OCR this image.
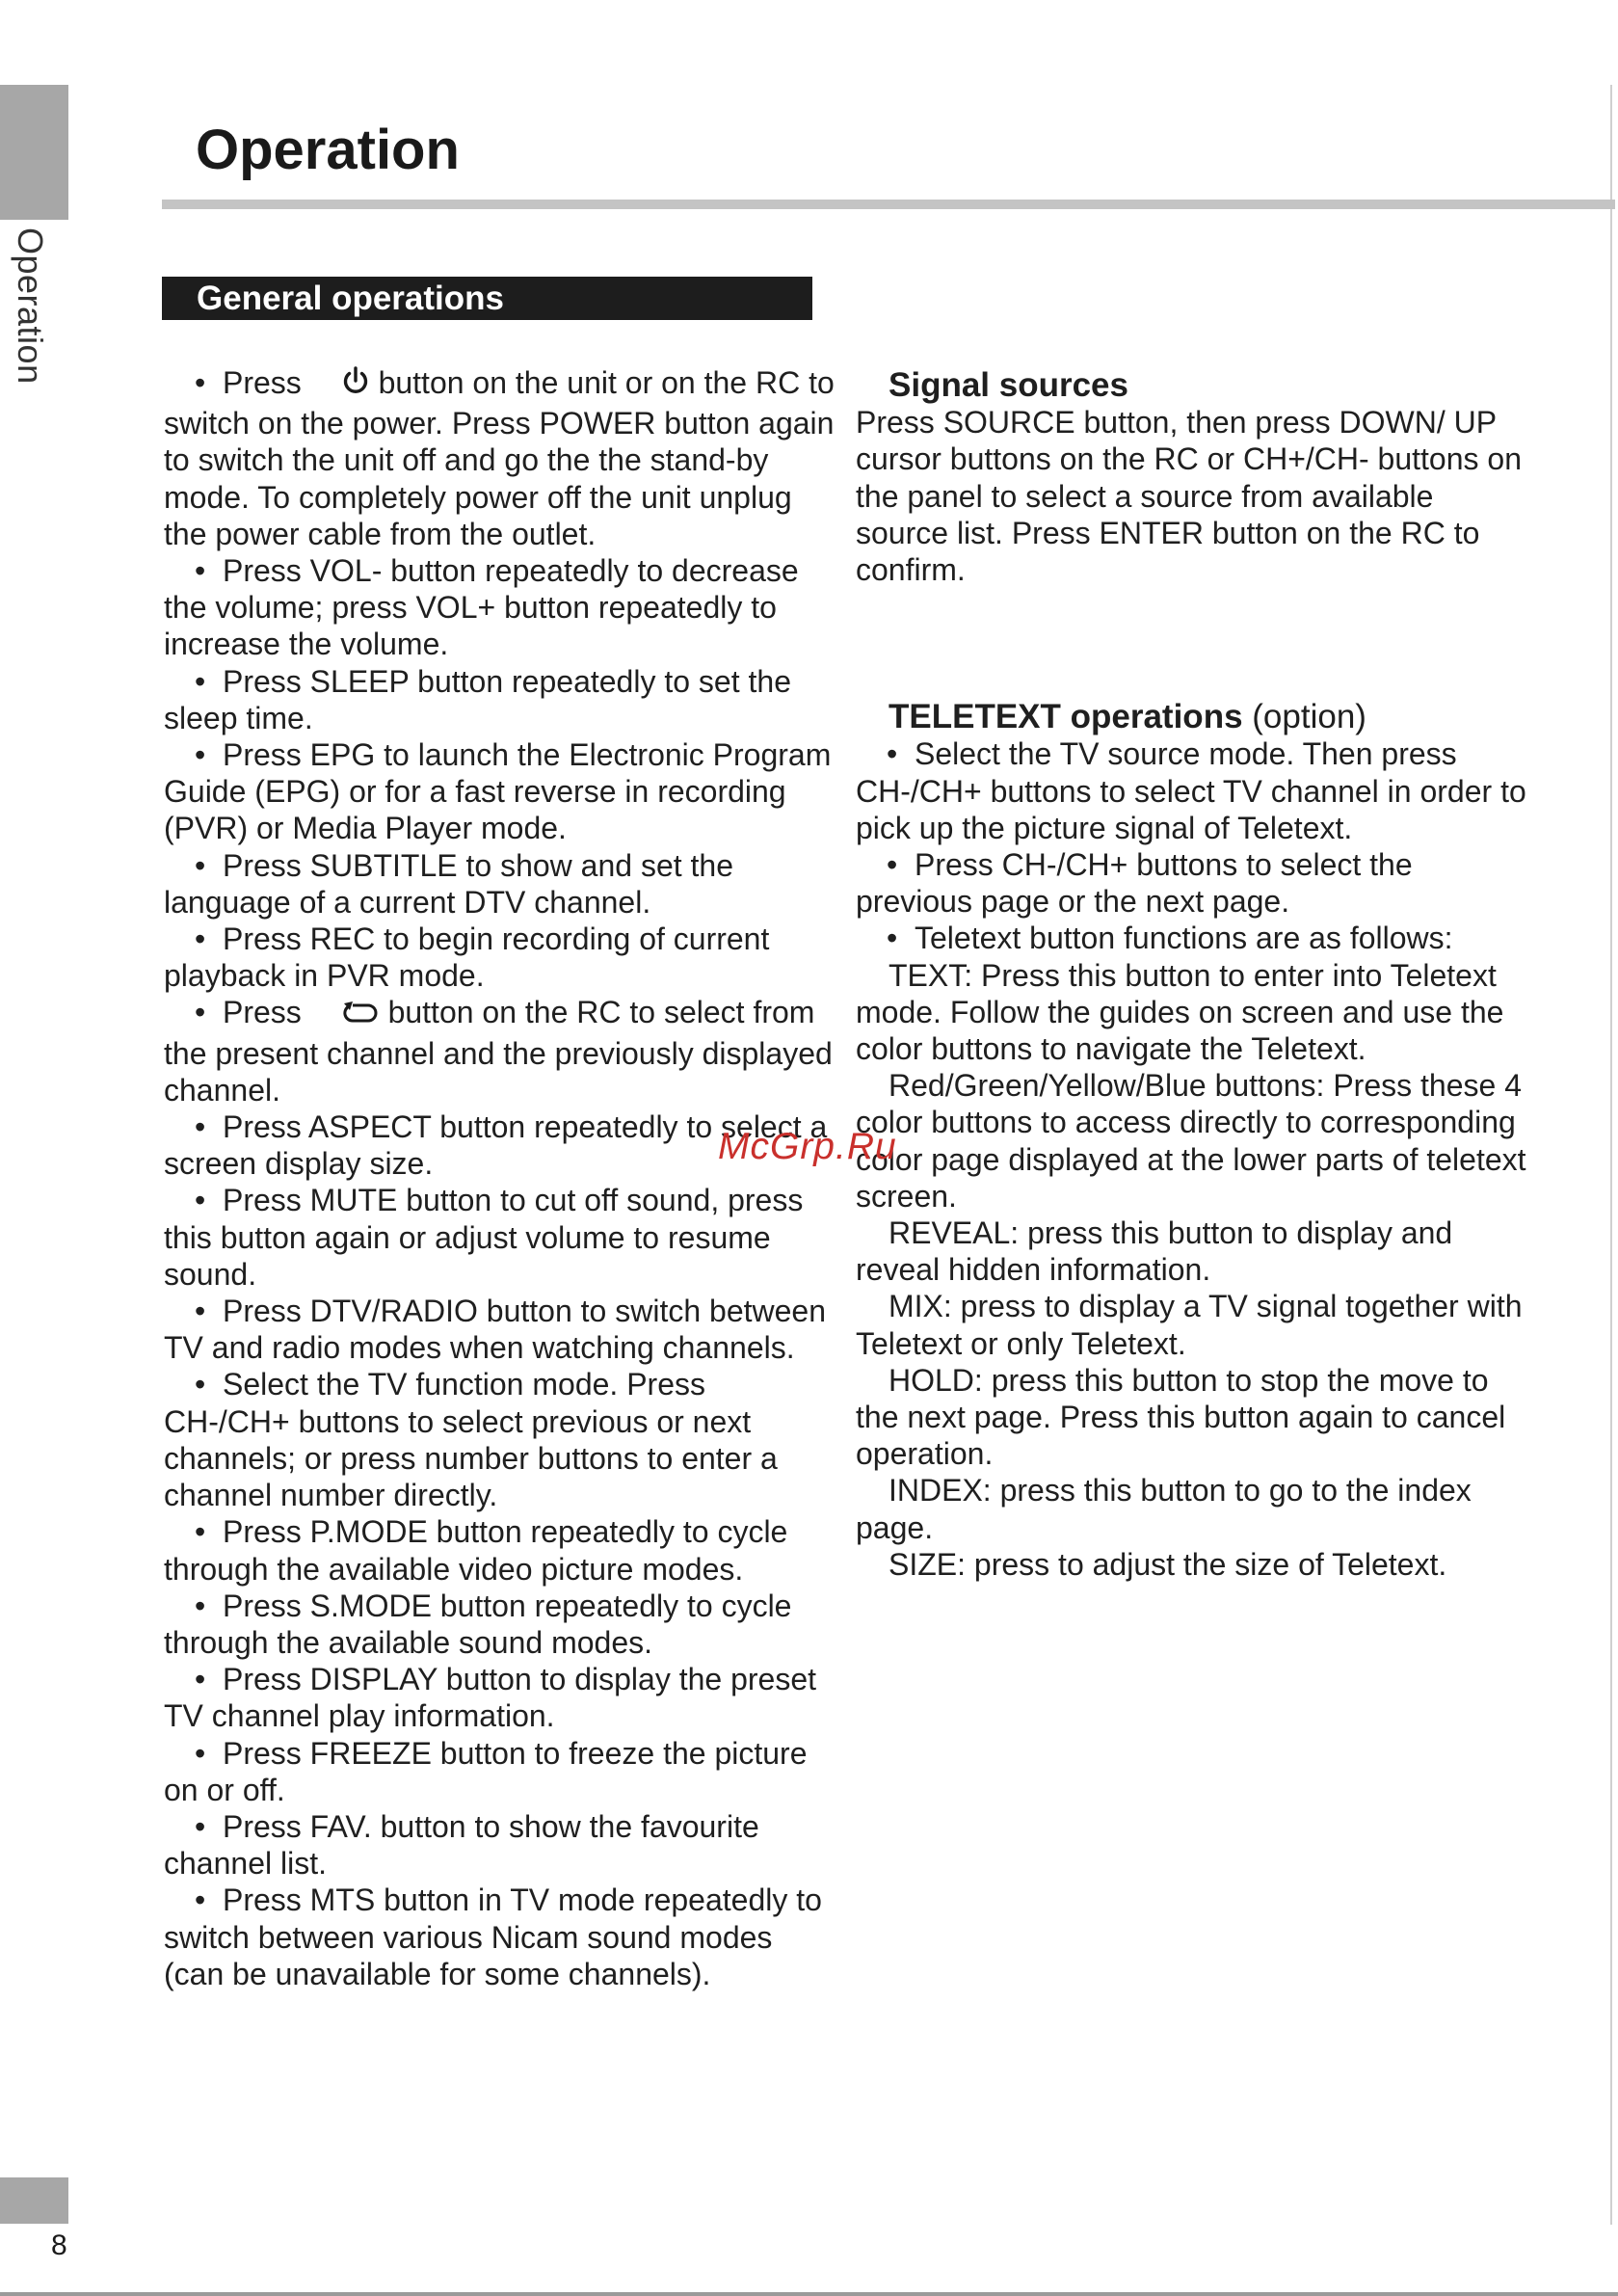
Operation
Operation
General operations

•  Press  button on the unit or on the RC to switch on the power. Press POWER button again to switch the unit off and go the the stand-by mode. To completely power off the unit unplug the power cable from the outlet.

•  Press VOL- button repeatedly to decrease the volume; press VOL+ button repeatedly to increase the volume.

•  Press SLEEP button repeatedly to set the sleep time.

•  Press EPG to launch the Electronic Program Guide (EPG) or for a fast reverse in recording (PVR) or Media Player mode.

•  Press SUBTITLE to show and set the language of a current DTV channel.

•  Press REC to begin recording of current playback in PVR mode.

•  Press  button on the RC to select from the present channel and the previously displayed channel.

•  Press ASPECT button repeatedly to select a screen display size.

•  Press MUTE button to cut off sound, press this button again or adjust volume to resume sound.

•  Press DTV/RADIO button to switch between TV and radio modes when watching channels.

•  Select the TV function mode. Press CH-/CH+ buttons to select previous or next channels; or press number buttons to enter a channel number directly.

•  Press P.MODE button repeatedly to cycle through the available video picture modes.

•  Press S.MODE button repeatedly to cycle through the available sound modes.

•  Press DISPLAY button to display the preset TV channel play information.

•  Press FREEZE button to freeze the picture on or off.

•  Press FAV. button to show the favourite channel list.

•  Press MTS button in TV mode repeatedly to switch between various Nicam sound modes (can be unavailable for some channels).

Signal sources

Press SOURCE button, then press DOWN/ UP cursor buttons on the RC or CH+/CH- buttons on the panel to select a source from available source list. Press ENTER button on the RC to confirm.

TELETEXT operations (option)

•  Select the TV source mode. Then press CH-/CH+ buttons to select TV channel in order to pick up the picture signal of Teletext.

•  Press CH-/CH+ buttons to select the previous page or the next page.

•  Teletext button functions are as follows:

TEXT: Press this button to enter into Teletext mode. Follow the guides on screen and use the color buttons to navigate the Teletext.

Red/Green/Yellow/Blue buttons: Press these 4 color buttons to access directly to corresponding color page displayed at the lower parts of teletext screen.

REVEAL: press this button to display and reveal hidden information.

MIX: press to display a TV signal together with Teletext or only Teletext.

HOLD: press this button to stop the move to the next page. Press this button again to cancel operation.

INDEX: press this button to go to the index page.

SIZE: press to adjust the size of Teletext.

McGrp.Ru
8
